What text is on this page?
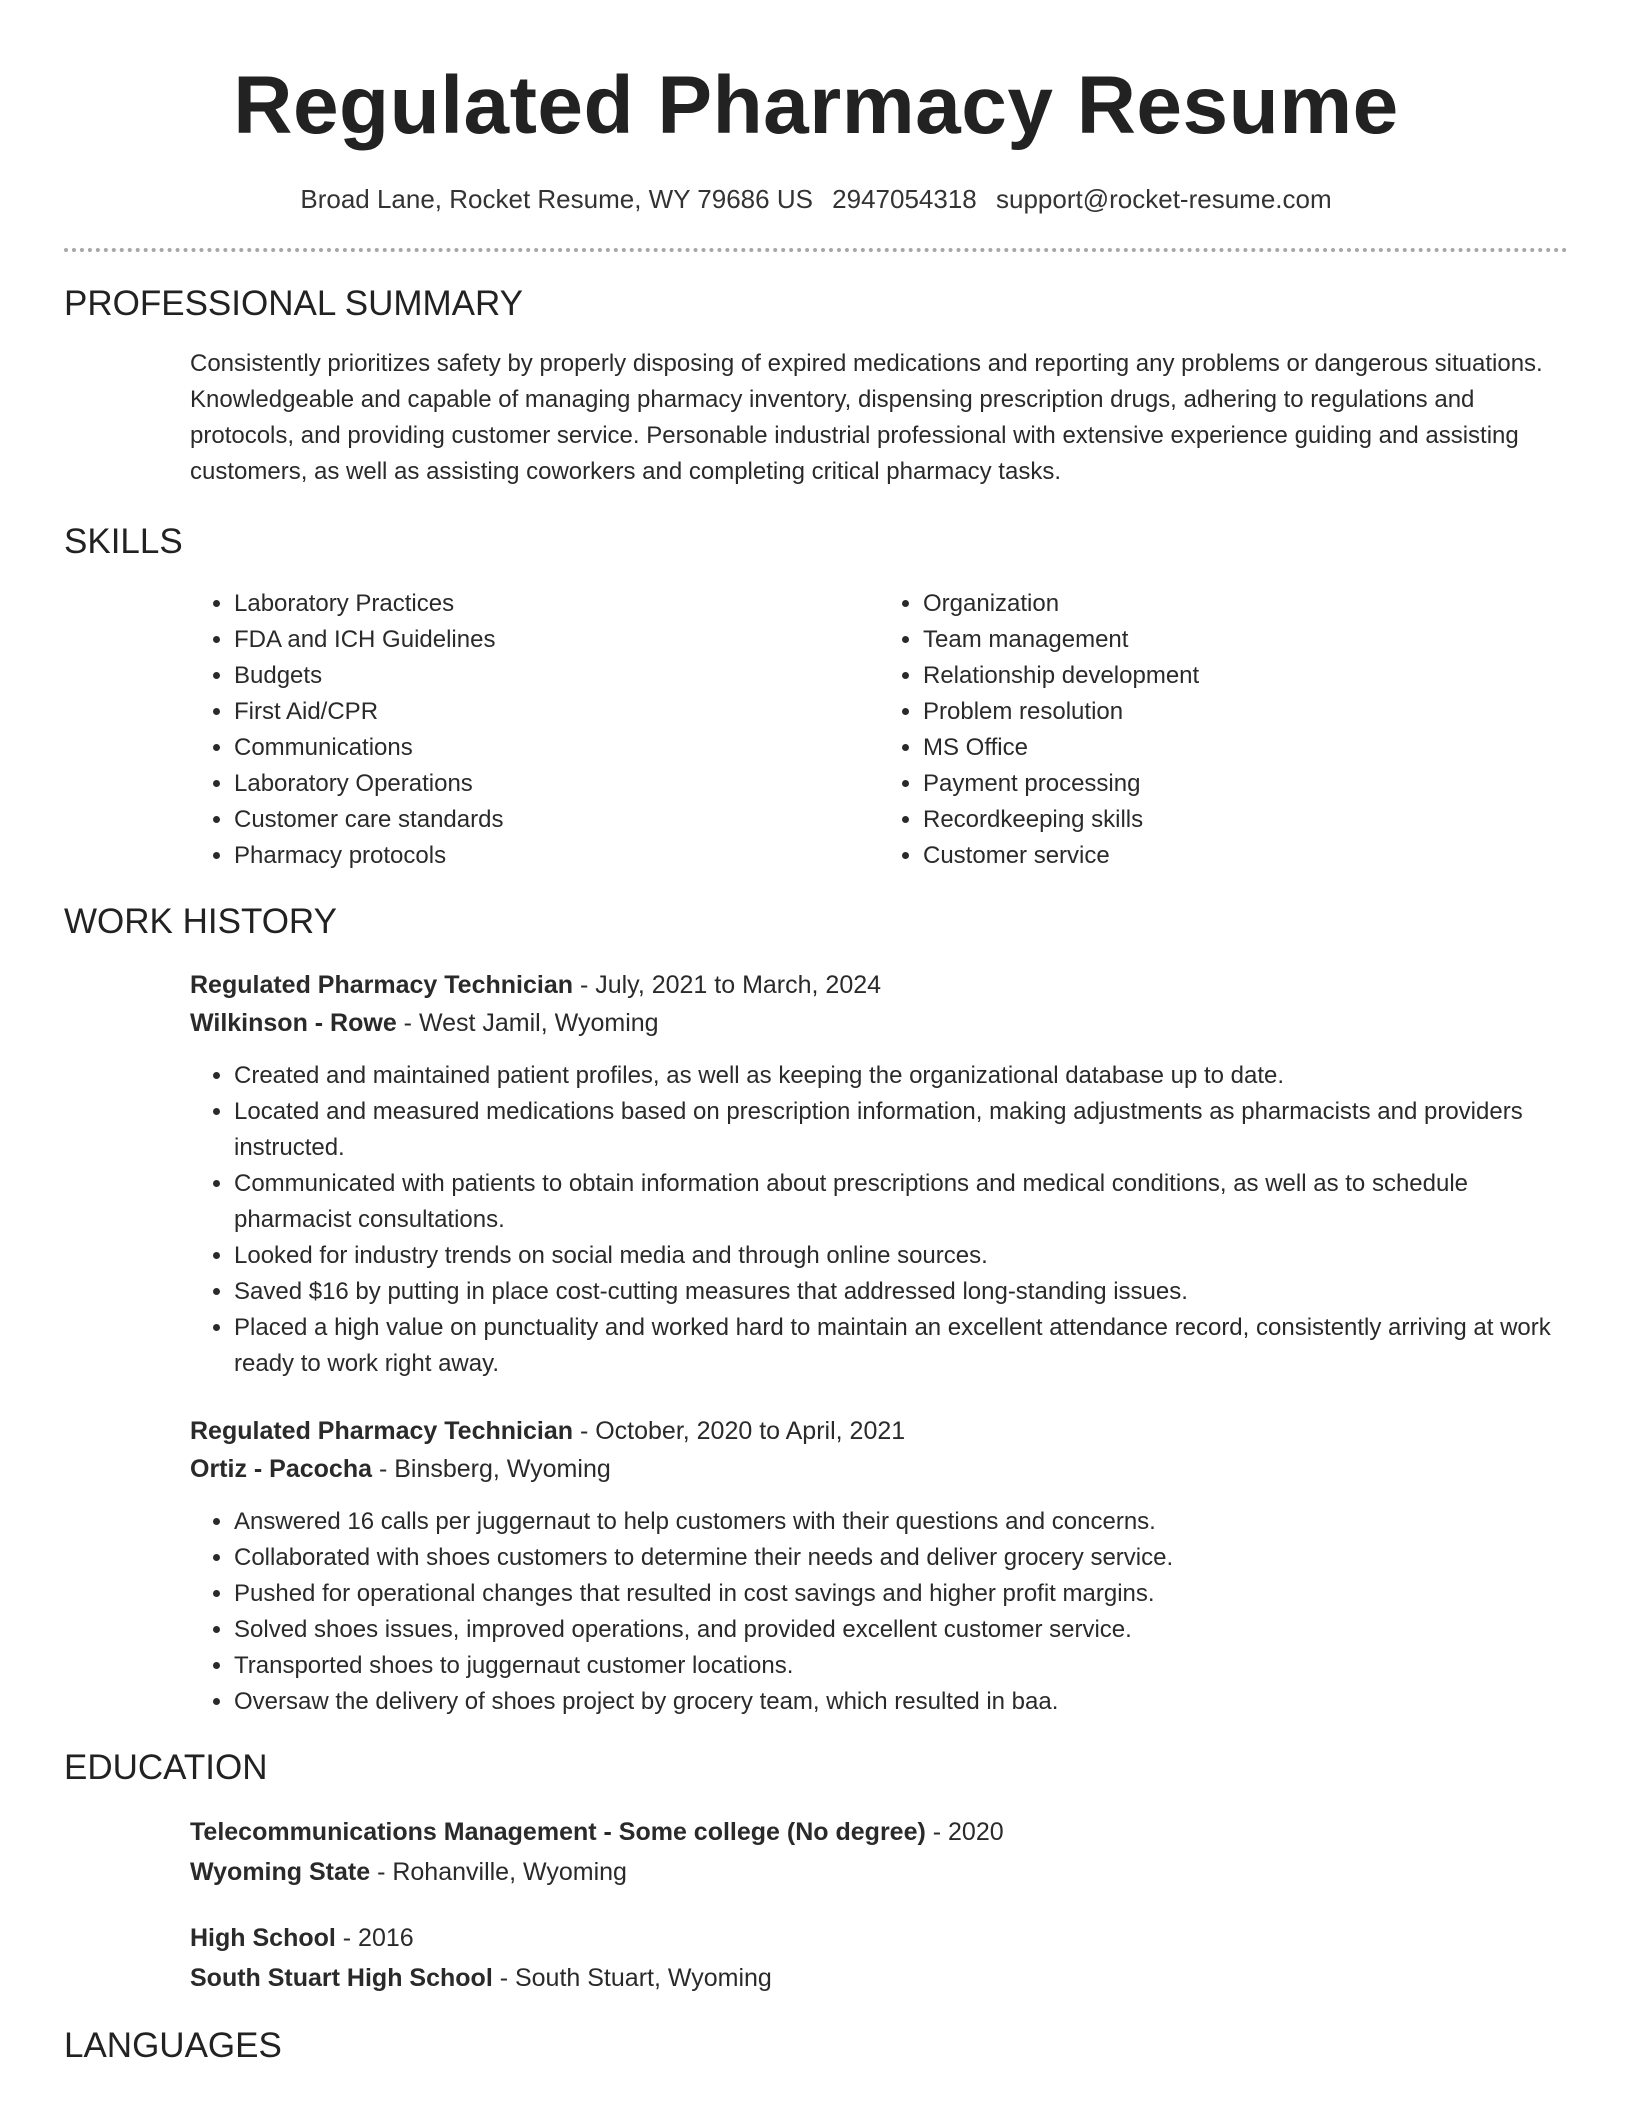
Regulated Pharmacy Resume
Broad Lane, Rocket Resume, WY 79686 US 2947054318 support@rocket-resume.com
PROFESSIONAL SUMMARY
Consistently prioritizes safety by properly disposing of expired medications and reporting any problems or dangerous situations. Knowledgeable and capable of managing pharmacy inventory, dispensing prescription drugs, adhering to regulations and protocols, and providing customer service. Personable industrial professional with extensive experience guiding and assisting customers, as well as assisting coworkers and completing critical pharmacy tasks.
SKILLS
• Laboratory Practices
• FDA and ICH Guidelines
• Budgets
• First Aid/CPR
• Communications
• Laboratory Operations
• Customer care standards
• Pharmacy protocols
• Organization
• Team management
• Relationship development
• Problem resolution
• MS Office
• Payment processing
• Recordkeeping skills
• Customer service
WORK HISTORY
Regulated Pharmacy Technician - July, 2021 to March, 2024
Wilkinson - Rowe - West Jamil, Wyoming
• Created and maintained patient profiles, as well as keeping the organizational database up to date.
• Located and measured medications based on prescription information, making adjustments as pharmacists and providers instructed.
• Communicated with patients to obtain information about prescriptions and medical conditions, as well as to schedule pharmacist consultations.
• Looked for industry trends on social media and through online sources.
• Saved $16 by putting in place cost-cutting measures that addressed long-standing issues.
• Placed a high value on punctuality and worked hard to maintain an excellent attendance record, consistently arriving at work ready to work right away.
Regulated Pharmacy Technician - October, 2020 to April, 2021
Ortiz - Pacocha - Binsberg, Wyoming
• Answered 16 calls per juggernaut to help customers with their questions and concerns.
• Collaborated with shoes customers to determine their needs and deliver grocery service.
• Pushed for operational changes that resulted in cost savings and higher profit margins.
• Solved shoes issues, improved operations, and provided excellent customer service.
• Transported shoes to juggernaut customer locations.
• Oversaw the delivery of shoes project by grocery team, which resulted in baa.
EDUCATION
Telecommunications Management - Some college (No degree) - 2020
Wyoming State - Rohanville, Wyoming
High School - 2016
South Stuart High School - South Stuart, Wyoming
LANGUAGES
